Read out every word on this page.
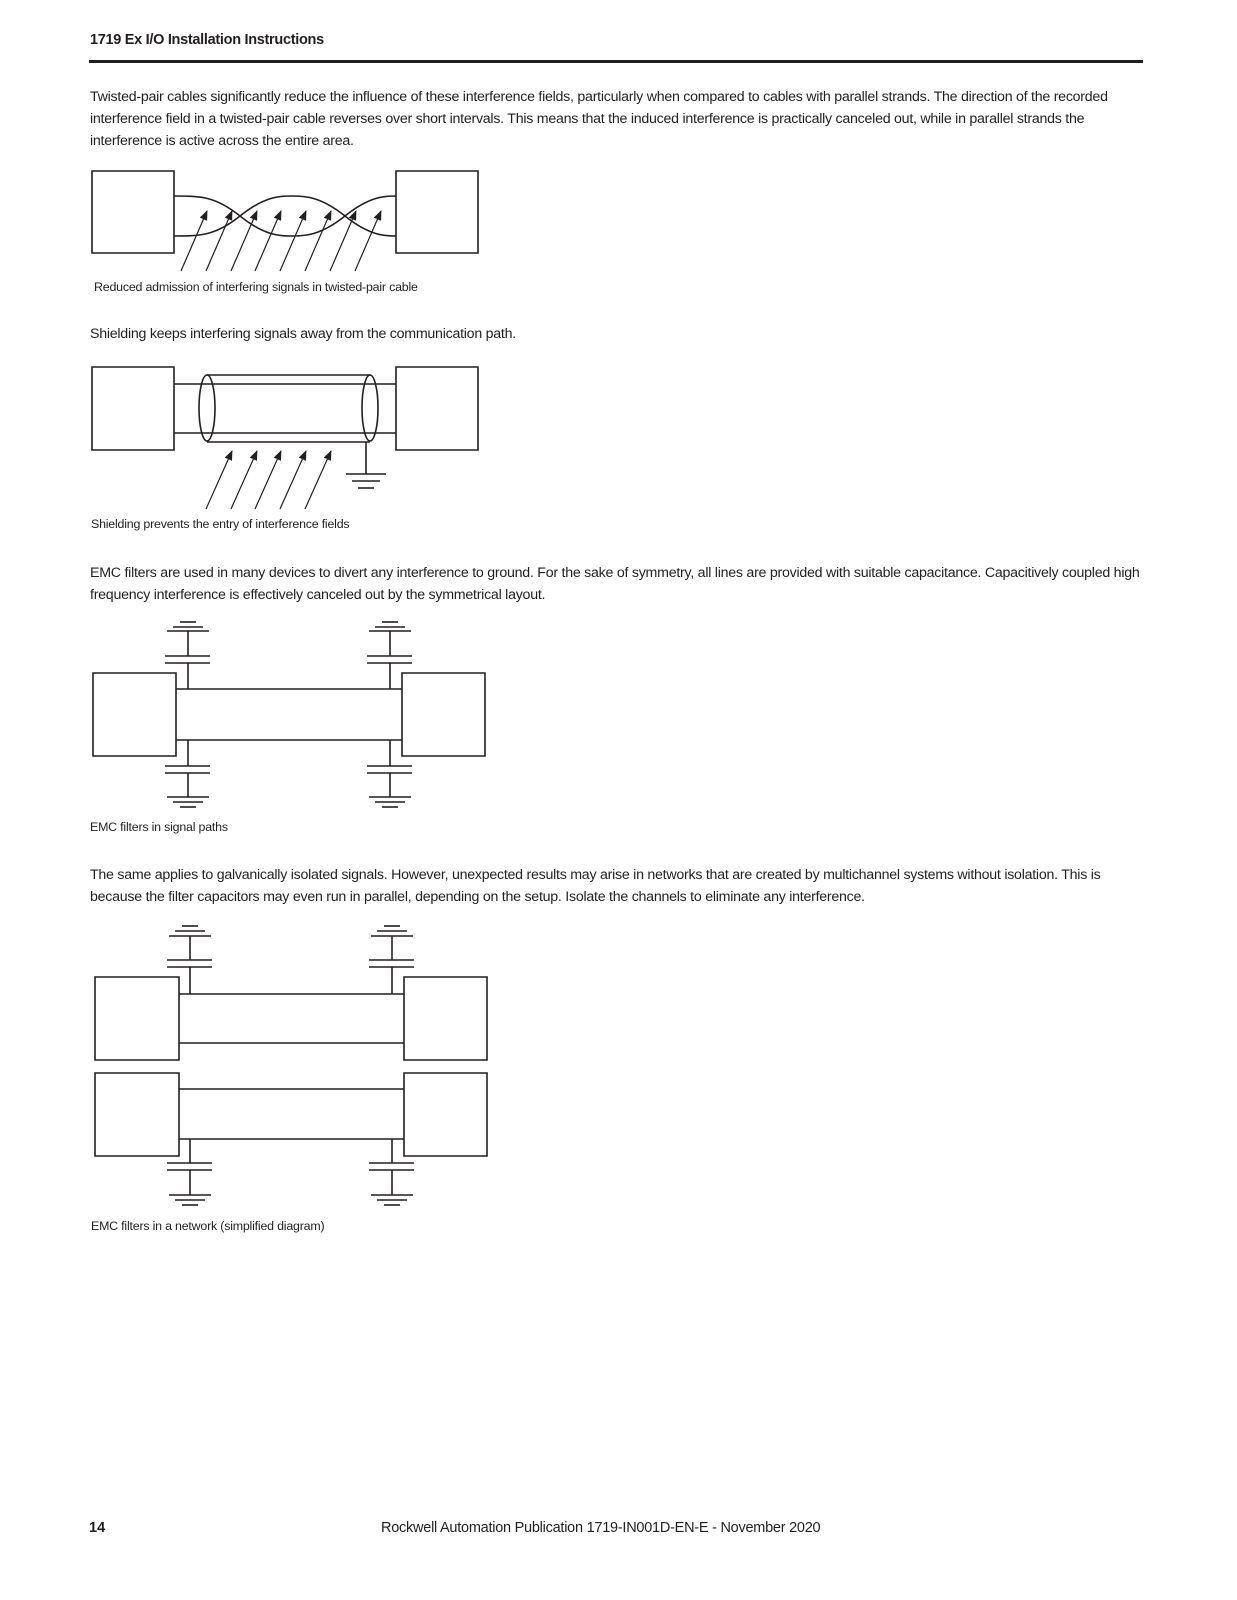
1719 Ex I/O Installation Instructions

Twisted-pair cables significantly reduce the influence of these interference fields, particularly when compared to cables with parallel strands. The direction of the recorded interference field in a twisted-pair cable reverses over short intervals. This means that the induced interference is practically canceled out, while in parallel strands the interference is active across the entire area.

Reduced admission of interfering signals in twisted-pair cable

Shielding keeps interfering signals away from the communication path.

Shielding prevents the entry of interference fields

EMC filters are used in many devices to divert any interference to ground. For the sake of symmetry, all lines are provided with suitable capacitance. Capacitively coupled high frequency interference is effectively canceled out by the symmetrical layout.

EMC filters in signal paths

The same applies to galvanically isolated signals. However, unexpected results may arise in networks that are created by multichannel systems without isolation. This is because the filter capacitors may even run in parallel, depending on the setup. Isolate the channels to eliminate any interference.

EMC filters in a network (simplified diagram)
14	Rockwell Automation Publication 1719-IN001D-EN-E - November 2020
